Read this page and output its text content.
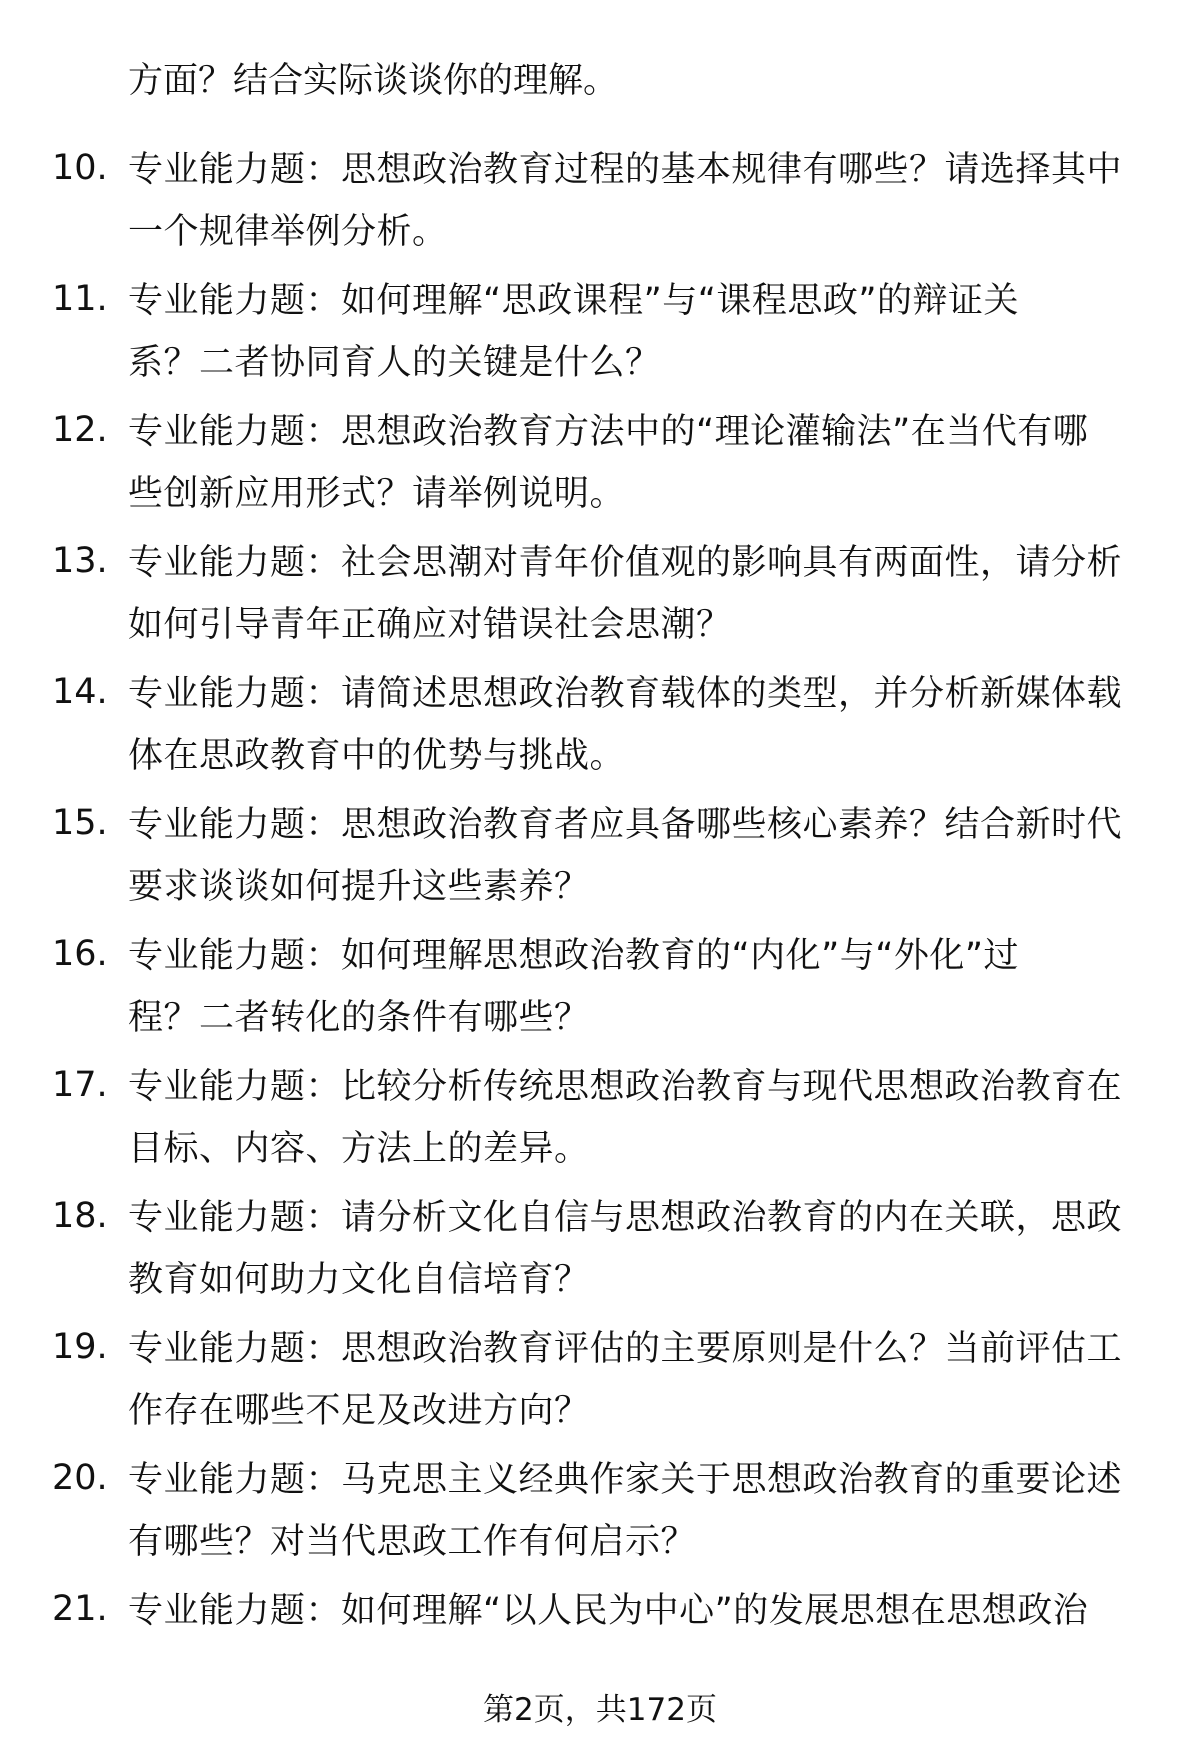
方面？结合实际谈谈你的理解。
10. 专业能力题：思想政治教育过程的基本规律有哪些？请选择其中
一个规律举例分析。
11. 专业能力题：如何理解“思政课程”与“课程思政”的辩证关
系？二者协同育人的关键是什么？
12. 专业能力题：思想政治教育方法中的“理论灌输法”在当代有哪
些创新应用形式？请举例说明。
13. 专业能力题：社会思潮对青年价值观的影响具有两面性，请分析
如何引导青年正确应对错误社会思潮？
14. 专业能力题：请简述思想政治教育载体的类型，并分析新媒体载
体在思政教育中的优势与挑战。
15. 专业能力题：思想政治教育者应具备哪些核心素养？结合新时代
要求谈谈如何提升这些素养？
16. 专业能力题：如何理解思想政治教育的“内化”与“外化”过
程？二者转化的条件有哪些？
17. 专业能力题：比较分析传统思想政治教育与现代思想政治教育在
目标、内容、方法上的差异。
18. 专业能力题：请分析文化自信与思想政治教育的内在关联，思政
教育如何助力文化自信培育？
19. 专业能力题：思想政治教育评估的主要原则是什么？当前评估工
作存在哪些不足及改进方向？
20. 专业能力题：马克思主义经典作家关于思想政治教育的重要论述
有哪些？对当代思政工作有何启示？
21. 专业能力题：如何理解“以人民为中心”的发展思想在思想政治
第2页，共172页
